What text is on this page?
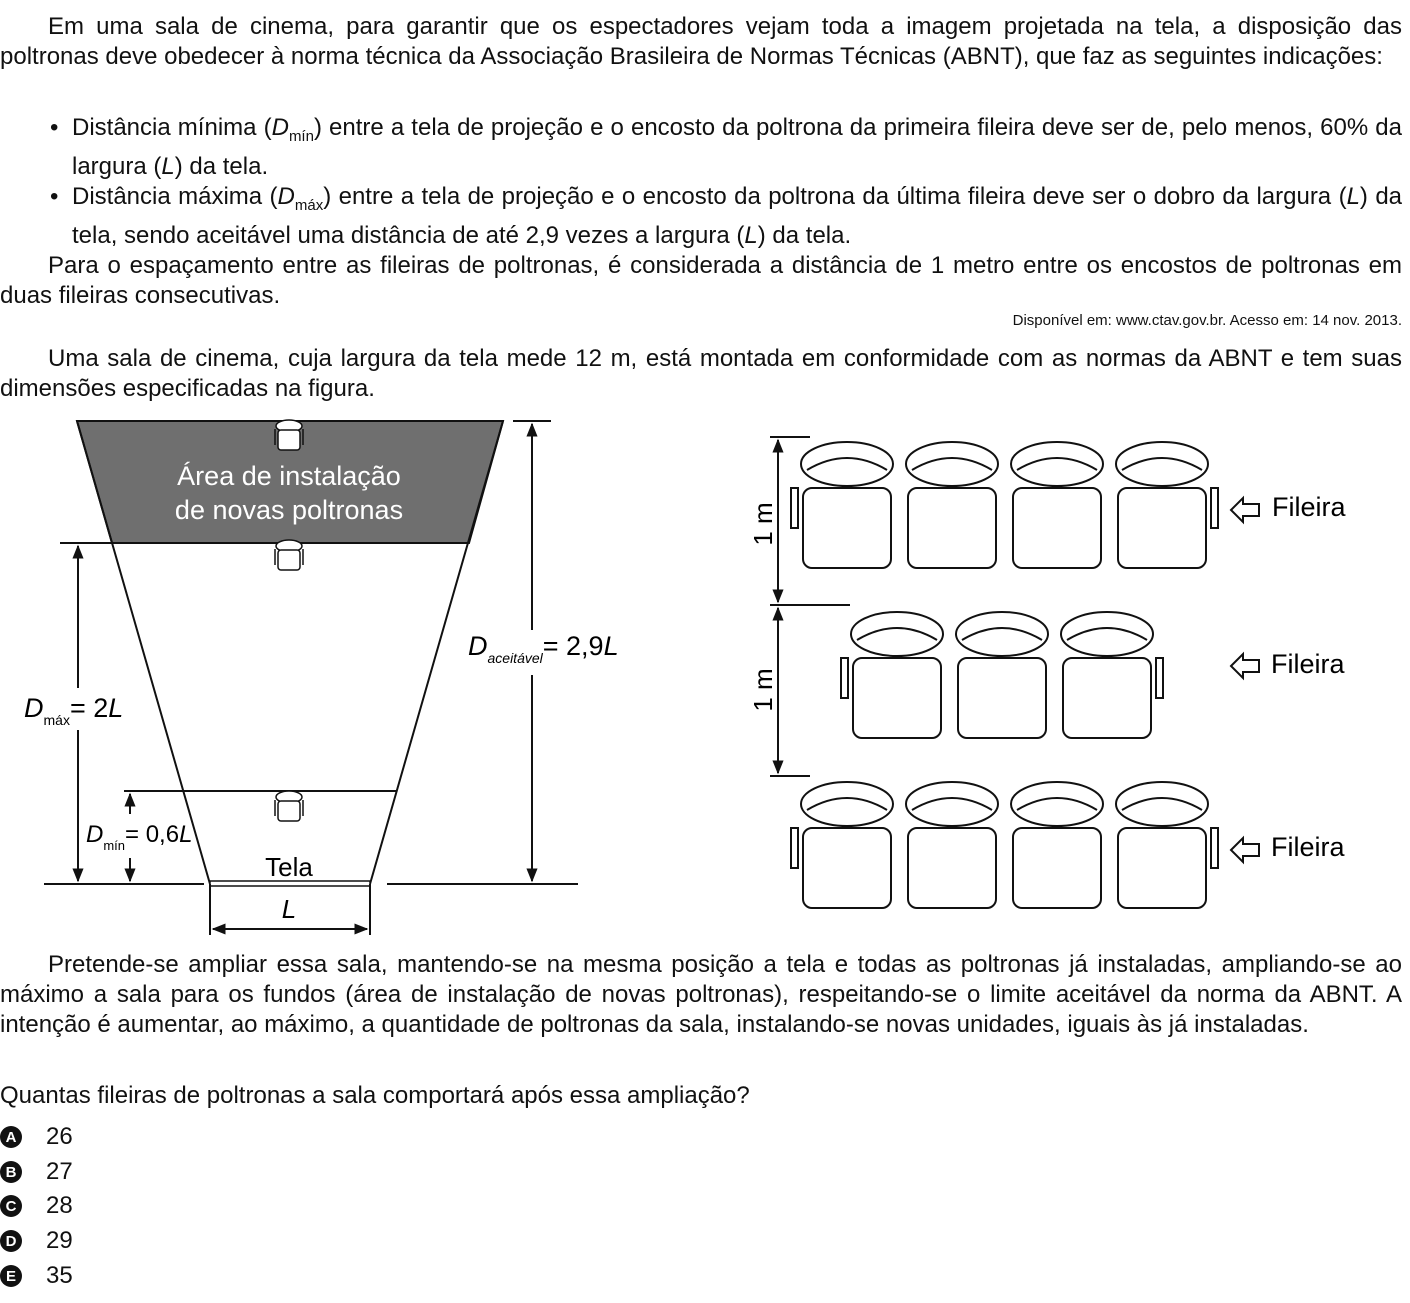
Em uma sala de cinema, para garantir que os espectadores vejam toda a imagem projetada na tela, a disposição das poltronas deve obedecer à norma técnica da Associação Brasileira de Normas Técnicas (ABNT), que faz as seguintes indicações:

• Distância mínima $(D_{mín})$ entre a tela de projeção e o encosto da poltrona da primeira fileira deve ser de, pelo menos, 60% da largura (L) da tela.

• Distância máxima $(D_{máx})$ entre a tela de projeção e o encosto da poltrona da última fileira deve ser o dobro da largura (L) da tela, sendo aceitável uma distância de até 2,9 vezes a largura (L) da tela.

Para o espaçamento entre as fileiras de poltronas, é considerada a distância de 1 metro entre os encostos de poltronas em duas fileiras consecutivas.

Disponível em: www.ctav.gov.br. Acesso em: 14 nov. 2013.

Uma sala de cinema, cuja largura da tela mede 12 m, está montada em conformidade com as normas da ABNT e tem suas dimensões especificadas na figura.

Área de instalação
de novas poltronas
$D_{aceitável}= 2,9L$
$D_{máx}= 2L$
$D_{mín}= 0,6L$
Tela
L
1 m
1 m
Fileira
Fileira
Fileira

Pretende-se ampliar essa sala, mantendo-se na mesma posição a tela e todas as poltronas já instaladas, ampliando-se ao máximo a sala para os fundos (área de instalação de novas poltronas), respeitando-se o limite aceitável da norma da ABNT. A intenção é aumentar, ao máximo, a quantidade de poltronas da sala, instalando-se novas unidades, iguais às já instaladas.

Quantas fileiras de poltronas a sala comportará após essa ampliação?

A 26
B 27
C 28
D 29
E 35
